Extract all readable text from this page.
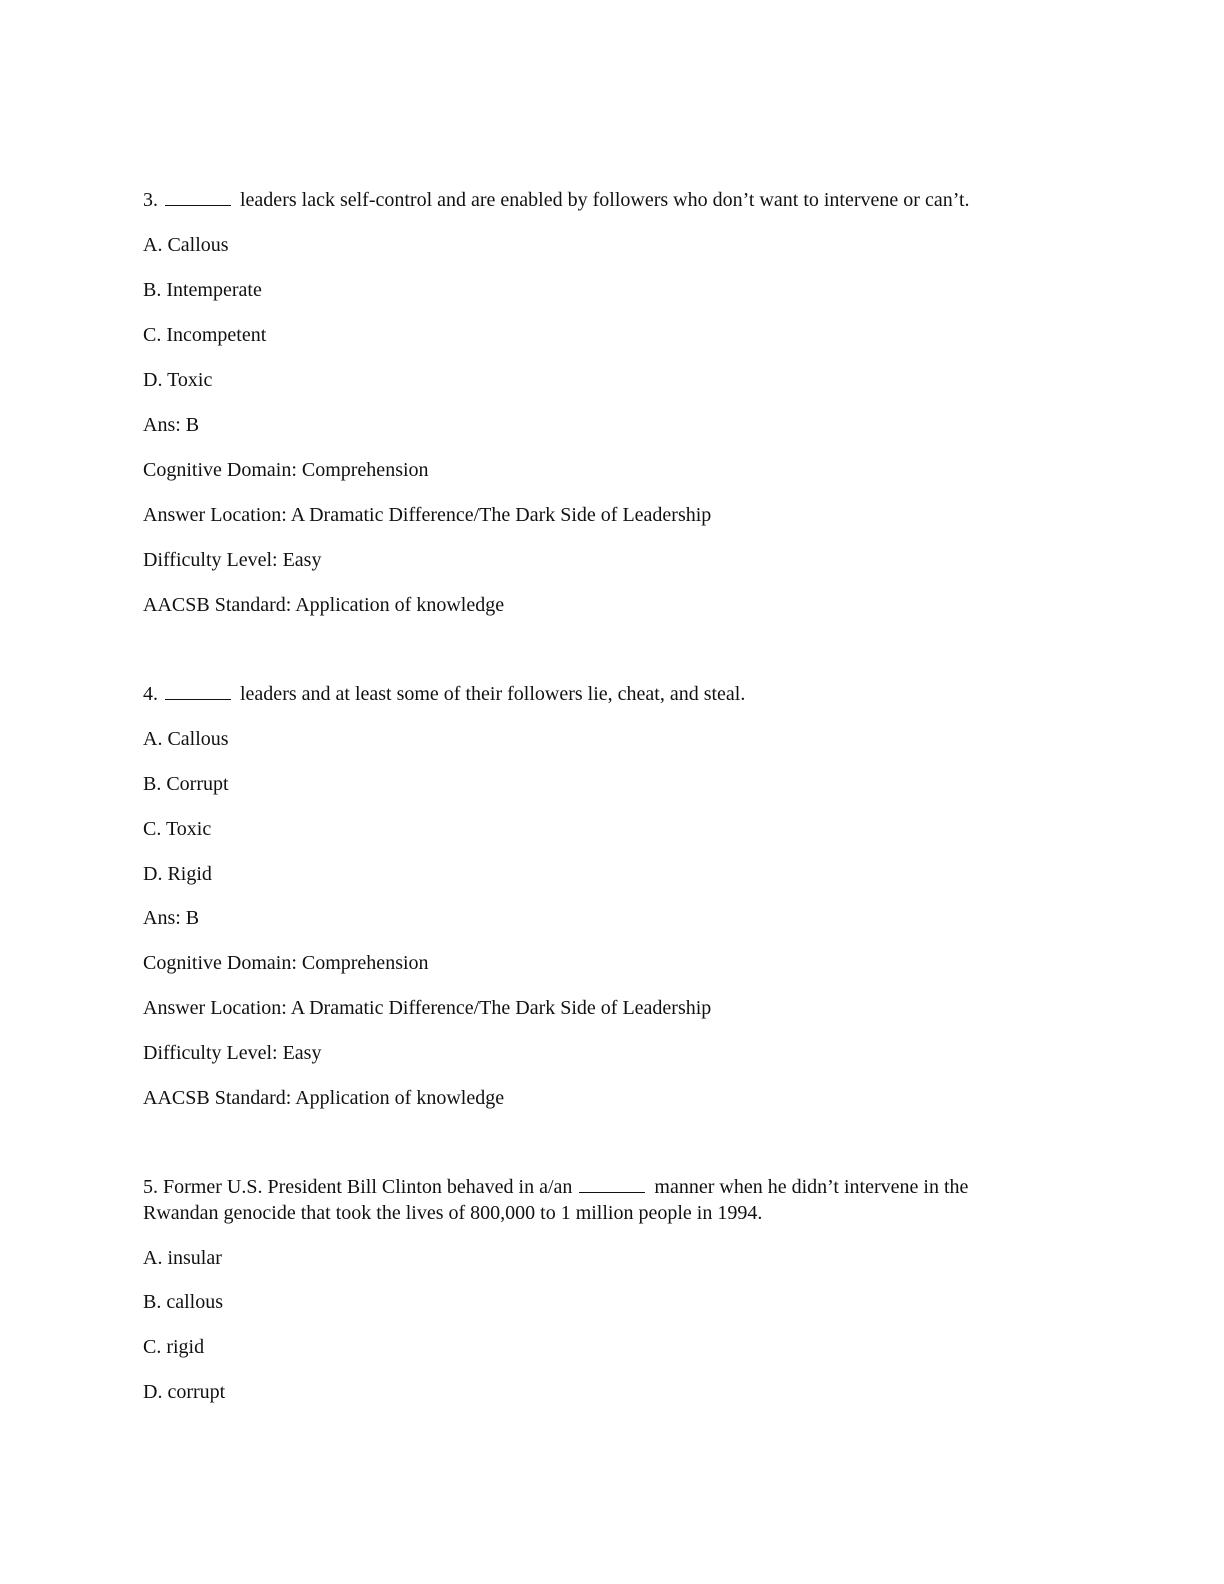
3.	leaders lack self-control and are enabled by followers who don’t want to intervene or can’t.
A. Callous
B. Intemperate
C. Incompetent
D. Toxic
Ans: B
Cognitive Domain: Comprehension
Answer Location: A Dramatic Difference/The Dark Side of Leadership
Difficulty Level: Easy
AACSB Standard: Application of knowledge
4.	leaders and at least some of their followers lie, cheat, and steal.
A. Callous
B. Corrupt
C. Toxic
D. Rigid
Ans: B
Cognitive Domain: Comprehension
Answer Location: A Dramatic Difference/The Dark Side of Leadership
Difficulty Level: Easy
AACSB Standard: Application of knowledge
5. Former U.S. President Bill Clinton behaved in a/an	manner when he didn’t intervene in the
Rwandan genocide that took the lives of 800,000 to 1 million people in 1994.
A. insular
B. callous
C. rigid
D. corrupt
